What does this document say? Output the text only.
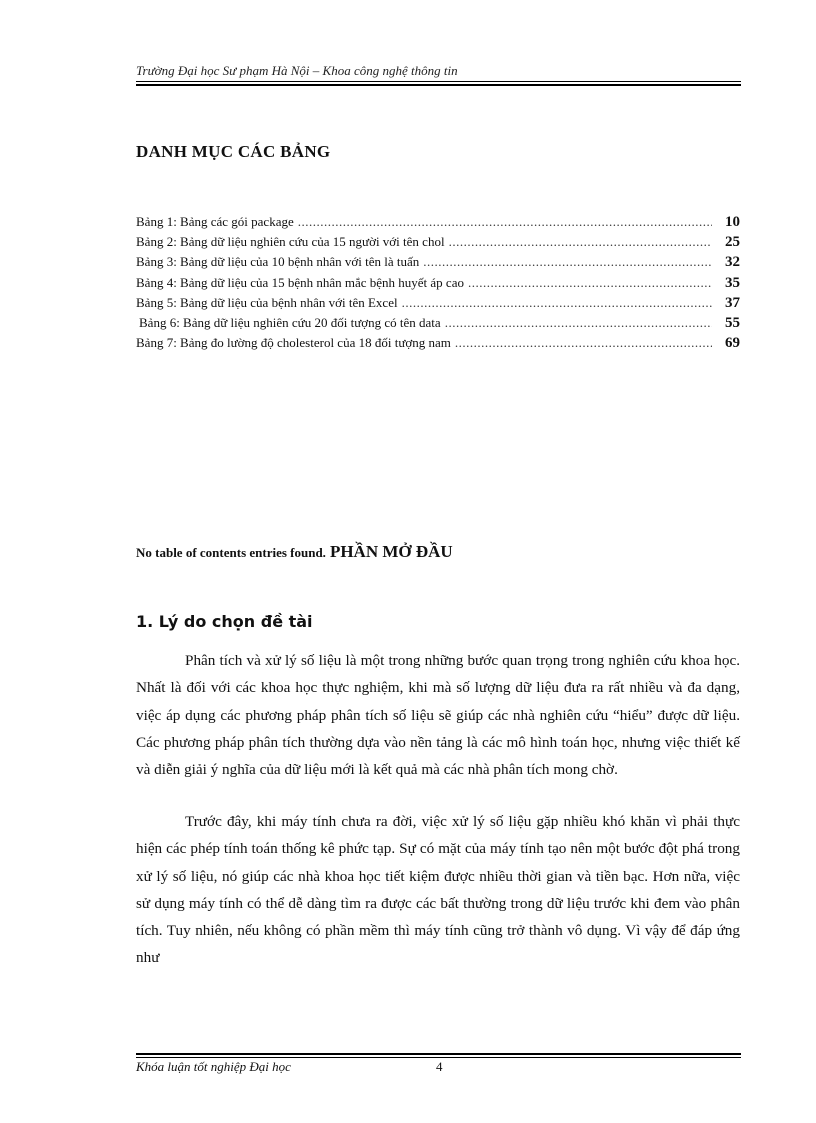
Trường Đại học Sư phạm Hà Nội – Khoa công nghệ thông tin
DANH MỤC CÁC BẢNG
Bảng 1: Bảng các gói package .....	10
Bảng 2: Bảng dữ liệu nghiên cứu của 15 người với tên chol .....	25
Bảng 3: Bảng dữ liệu của 10 bệnh nhân với tên là tuấn .....	32
Bảng 4: Bảng dữ liệu của 15 bệnh nhân mắc bệnh huyết áp cao .....	35
Bảng 5: Bảng dữ liệu của bệnh nhân với tên Excel .....	37
Bảng 6: Bảng dữ liệu nghiên cứu 20 đối tượng có tên data .....	55
Bảng 7: Bảng đo lường độ cholesterol của 18 đối tượng nam .....	69
No table of contents entries found. PHẦN MỞ ĐẦU
1. Lý do chọn đề tài

Phân tích và xử lý số liệu là một trong những bước quan trọng trong nghiên cứu khoa học. Nhất là đối với các khoa học thực nghiệm, khi mà số lượng dữ liệu đưa ra rất nhiều và đa dạng, việc áp dụng các phương pháp phân tích số liệu sẽ giúp các nhà nghiên cứu “hiểu” được dữ liệu. Các phương pháp phân tích thường dựa vào nền tảng là các mô hình toán học, nhưng việc thiết kế và diễn giải ý nghĩa của dữ liệu mới là kết quả mà các nhà phân tích mong chờ.

Trước đây, khi máy tính chưa ra đời, việc xử lý số liệu gặp nhiều khó khăn vì phải thực hiện các phép tính toán thống kê phức tạp. Sự có mặt của máy tính tạo nên một bước đột phá trong xử lý số liệu, nó giúp các nhà khoa học tiết kiệm được nhiều thời gian và tiền bạc. Hơn nữa, việc sử dụng máy tính có thể dễ dàng tìm ra được các bất thường trong dữ liệu trước khi đem vào phân tích. Tuy nhiên, nếu không có phần mềm thì máy tính cũng trở thành vô dụng. Vì vậy để đáp ứng như

Khóa luận tốt nghiệp Đại học	4
